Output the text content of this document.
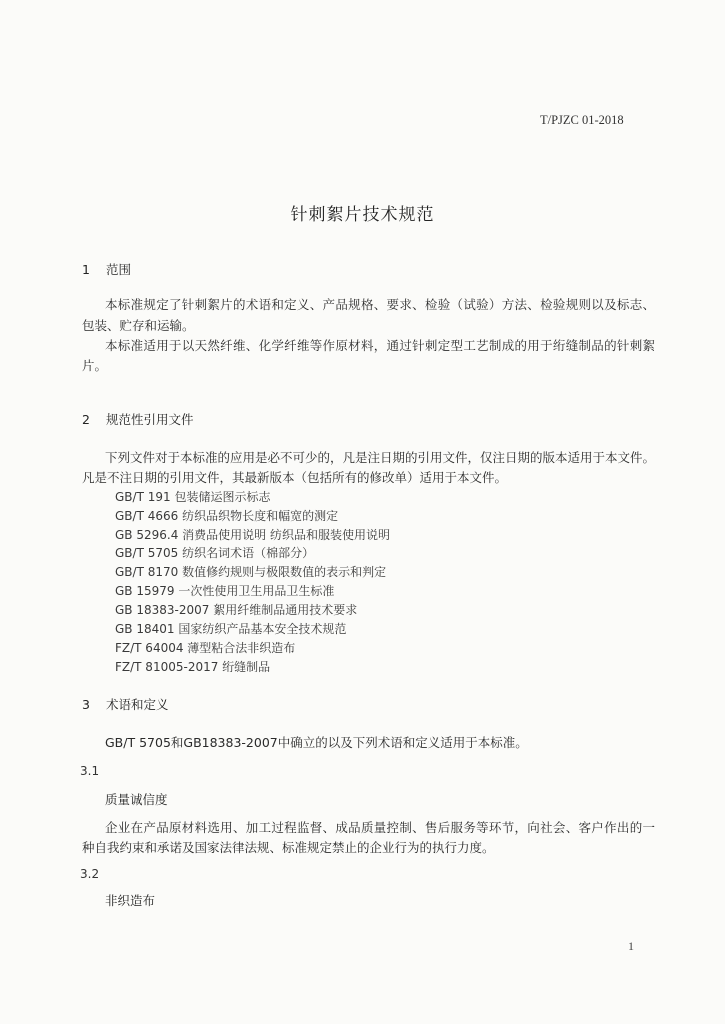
T/PJZC 01-2018
针刺絮片技术规范
1 范围
本标准规定了针刺絮片的术语和定义、产品规格、要求、检验（试验）方法、检验规则以及标志、
包装、贮存和运输。
本标准适用于以天然纤维、化学纤维等作原材料，通过针刺定型工艺制成的用于绗缝制品的针刺絮
片。
2 规范性引用文件
下列文件对于本标准的应用是必不可少的，凡是注日期的引用文件，仅注日期的版本适用于本文件。
凡是不注日期的引用文件，其最新版本（包括所有的修改单）适用于本文件。
GB/T 191 包装储运图示标志
GB/T 4666 纺织品织物长度和幅宽的测定
GB 5296.4 消费品使用说明 纺织品和服装使用说明
GB/T 5705 纺织名词术语（棉部分）
GB/T 8170 数值修约规则与极限数值的表示和判定
GB 15979 一次性使用卫生用品卫生标准
GB 18383-2007 絮用纤维制品通用技术要求
GB 18401 国家纺织产品基本安全技术规范
FZ/T 64004 薄型粘合法非织造布
FZ/T 81005-2017 绗缝制品
3 术语和定义
GB/T 5705和GB18383-2007中确立的以及下列术语和定义适用于本标准。
3.1
质量诚信度
企业在产品原材料选用、加工过程监督、成品质量控制、售后服务等环节，向社会、客户作出的一
种自我约束和承诺及国家法律法规、标准规定禁止的企业行为的执行力度。
3.2
非织造布
1
